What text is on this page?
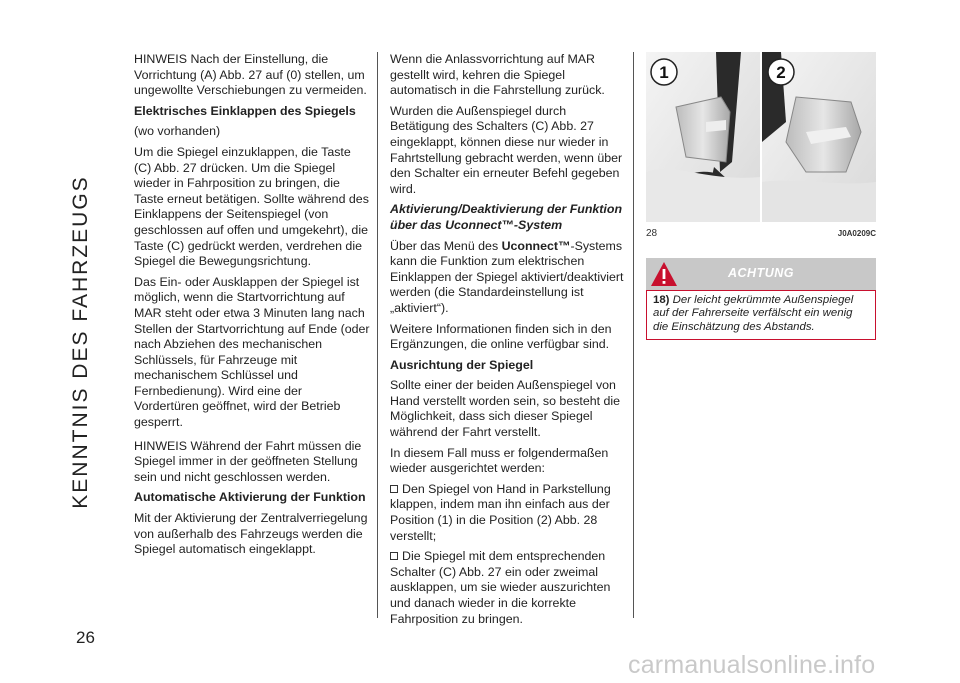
KENNTNIS DES FAHRZEUGS
26

HINWEIS Nach der Einstellung, die Vorrichtung (A) Abb. 27 auf (0) stellen, um ungewollte Verschiebungen zu vermeiden.

Elektrisches Einklappen des Spiegels

(wo vorhanden)

Um die Spiegel einzuklappen, die Taste (C) Abb. 27 drücken. Um die Spiegel wieder in Fahrposition zu bringen, die Taste erneut betätigen. Sollte während des Einklappens der Seitenspiegel (von geschlossen auf offen und umgekehrt), die Taste (C) gedrückt werden, verdrehen die Spiegel die Bewegungsrichtung.

Das Ein- oder Ausklappen der Spiegel ist möglich, wenn die Startvorrichtung auf MAR steht oder etwa 3 Minuten lang nach Stellen der Startvorrichtung auf Ende (oder nach Abziehen des mechanischen Schlüssels, für Fahrzeuge mit mechanischem Schlüssel und Fernbedienung). Wird eine der Vordertüren geöffnet, wird der Betrieb gesperrt.

HINWEIS Während der Fahrt müssen die Spiegel immer in der geöffneten Stellung sein und nicht geschlossen werden.

Automatische Aktivierung der Funktion

Mit der Aktivierung der Zentralverriegelung von außerhalb des Fahrzeugs werden die Spiegel automatisch eingeklappt.

Wenn die Anlassvorrichtung auf MAR gestellt wird, kehren die Spiegel automatisch in die Fahrstellung zurück.

Wurden die Außenspiegel durch Betätigung des Schalters (C) Abb. 27 eingeklappt, können diese nur wieder in Fahrtstellung gebracht werden, wenn über den Schalter ein erneuter Befehl gegeben wird.

Aktivierung/Deaktivierung der Funktion über das Uconnect™-System

Über das Menü des Uconnect™-Systems kann die Funktion zum elektrischen Einklappen der Spiegel aktiviert/deaktiviert werden (die Standardeinstellung ist „aktiviert“).

Weitere Informationen finden sich in den Ergänzungen, die online verfügbar sind.

Ausrichtung der Spiegel

Sollte einer der beiden Außenspiegel von Hand verstellt worden sein, so besteht die Möglichkeit, dass sich dieser Spiegel während der Fahrt verstellt.

In diesem Fall muss er folgendermaßen wieder ausgerichtet werden:

Den Spiegel von Hand in Parkstellung klappen, indem man ihn einfach aus der Position (1) in die Position (2) Abb. 28 verstellt;

Die Spiegel mit dem entsprechenden Schalter (C) Abb. 27 ein oder zweimal ausklappen, um sie wieder auszurichten und danach wieder in die korrekte Fahrposition zu bringen.

1	2
28	J0A0209C
ACHTUNG
18) Der leicht gekrümmte Außenspiegel auf der Fahrerseite verfälscht ein wenig die Einschätzung des Abstands.
carmanualsonline.info
